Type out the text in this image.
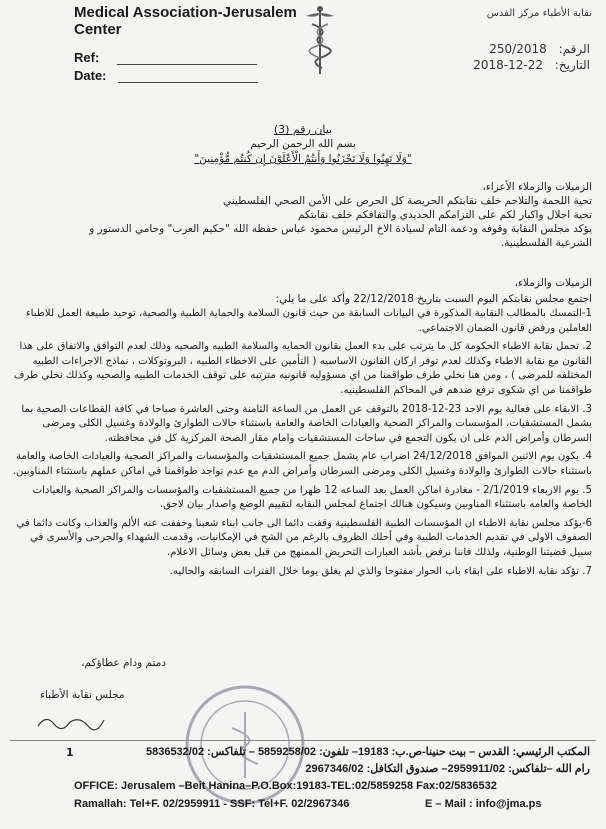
Medical Association-Jerusalem
Center
نقابة الأطباء مركز القدس
Ref:
Date:
الرقم: 250/2018
التاريخ: 2018-12-22
بيان رقم (3)
بسم الله الرحمن الرحيم
"وَلَا تَهِنُوا وَلَا تَحْزَنُوا وَأَنتُمُ الْأَعْلَوْنَ إِن كُنتُم مُّؤْمِنِينَ"
الزميلات والزملاء الأعزاء،
تحية اللحمة والتلاحم خلف نقابتكم الحريصة كل الحرص على الأمن الصحي الفلسطيني
تحية اجلال واكبار لكم على التزامكم الحديدي والتفافكم خلف نقابتكم
يؤكد مجلس النقابة وقوفه ودعمه التام لسيادة الاخ الرئيس محمود عباس حفظه الله "حكيم العرب" وحامي الدستور و
الشرعية الفلسطينية.
الزميلات والزملاء،
اجتمع مجلس نقابتكم اليوم السبت بتاريخ 22/12/2018 وأكد على ما يلي:
1-التمسك بالمطالب النقابية المذكورة في البيانات السابقة من حيث قانون السلامة والحماية الطبية والصحية، توحيد طبيعة العمل للاطباء العاملين ورفض قانون الضمان الاجتماعي.
2. تحمل نقابة الاطباء الحكومة كل ما يترتب على بدء العمل بقانون الحمايه والسلامة الطبيه والصحيه وذلك لعدم التوافق والاتفاق على هذا القانون مع نقابة الاطباء وكذلك لعدم توفر اركان القانون الاساسيه ( التأمين على الاخطاء الطبيه ، البروتوكلات ، نماذج الاجراءات الطبيه المختلفه للمرضى ) ، ومن هنا نخلي طرف طواقمنا من اي مسؤوليه قانونيه مترتبه على توقف الخدمات الطبيه والصحيه وكذلك نخلي طرف طواقمنا من اي شكوى ترفع ضدهم في المحاكم الفلسطينيه.
3. الابقاء على فعالية يوم الاحد 23-12-2018 بالتوقف عن العمل من الساعة الثامنة وحتى العاشرة صباحا في كافة القطاعات الصحية بما يشمل المستشفيات، المؤسسات والمراكز الصحية والعيادات الخاصة والعامة باستثناء حالات الطوارئ والولادة وغسيل الكلى ومرضى السرطان وأمراض الدم على ان يكون التجمع في ساحات المستشفيات وامام مقار الصحة المركزية كل في محافظته.
4. يكون يوم الاثنين الموافق 24/12/2018 اضراب عام يشمل جميع المستشفيات والمؤسسات والمراكز الصحية والعيادات الخاصة والعامة باستثناء حالات الطوارئ والولادة وغسيل الكلى ومرضى السرطان وأمراض الدم مع عدم تواجد طواقمنا في اماكن عملهم باستثناء المناوبين.
5. يوم الاربعاء 2/1/2019 - مغادرة اماكن العمل بعد الساعه 12 ظهرا من جميع المستشفيات والمؤسسات والمراكز الصحية والعيادات الخاصة والعامه باستثناء المناوبين وسيكون هنالك اجتماع لمجلس النقابه لتقييم الوضع واصدار بيان لاحق.
6-يؤكد مجلس نقابة الاطباء ان المؤسسات الطبية الفلسطينية وقفت دائما الى جانب ابناء شعبنا وخففت عنه الألم والعذاب وكانت دائما في الصفوف الاولى في تقديم الخدمات الطبية وفي أحلك الظروف بالرغم من الشح في الإمكانيات، وقدمت الشهداء والجرحى والأسرى في سبيل قضيتنا الوطنية، ولذلك فاننا نرفض بأشد العبارات التحريض الممنهج من قبل بعض وسائل الاعلام.
7. تؤكد نقابة الاطباء على ابقاء باب الحوار مفتوحا والذي لم يغلق يوما خلال الفترات السابقه والحاليه.
دمتم ودام عطاؤكم،
مجلس نقابة الأطباء
1	المكتب الرئيسي: القدس – بيت حنينا-ص.ب: 19183– تلفون: 5859258/02 – تلفاكس: 5836532/02
رام الله –تلفاكس: 2959911/02– صندوق التكافل: 2967346/02
OFFICE: Jerusalem –Beit Hanina–P.O.Box:19183-TEL:02/5859258 Fax:02/5836532
Ramallah: Tel+F. 02/2959911 - SSF: Tel+F. 02/2967346	E – Mail : info@jma.ps
